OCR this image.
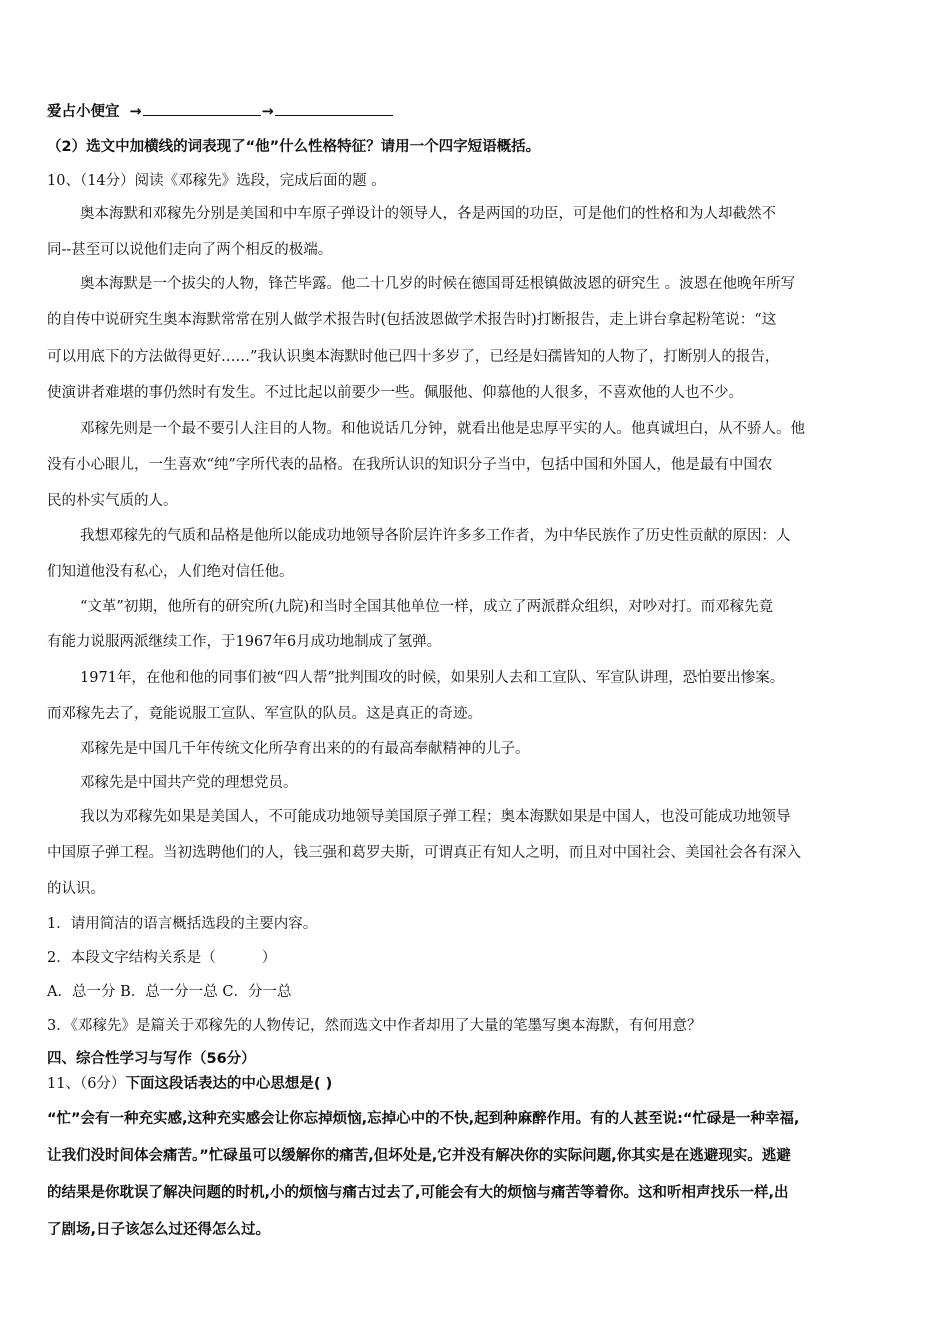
爱占小便宜 →	→
（2）选文中加横线的词表现了“他”什么性格特征？请用一个四字短语概括。
10、（14分）阅读《邓稼先》选段，完成后面的题 。
奥本海默和邓稼先分别是美国和中车原子弹设计的领导人，各是两国的功臣，可是他们的性格和为人却截然不
同--甚至可以说他们走向了两个相反的极端。
奥本海默是一个拔尖的人物，锋芒毕露。他二十几岁的时候在德国哥廷根镇做波恩的研究生 。波恩在他晚年所写
的自传中说研究生奥本海默常常在别人做学术报告时(包括波恩做学术报告时)打断报告，走上讲台拿起粉笔说：“这
可以用底下的方法做得更好……”我认识奥本海默时他已四十多岁了，已经是妇孺皆知的人物了，打断别人的报告，
使演讲者难堪的事仍然时有发生。不过比起以前要少一些。佩服他、仰慕他的人很多，不喜欢他的人也不少。
邓稼先则是一个最不要引人注目的人物。和他说话几分钟，就看出他是忠厚平实的人。他真诚坦白，从不骄人。他
没有小心眼儿，一生喜欢“纯”字所代表的品格。在我所认识的知识分子当中，包括中国和外国人，他是最有中国农
民的朴实气质的人。
我想邓稼先的气质和品格是他所以能成功地领导各阶层许许多多工作者，为中华民族作了历史性贡献的原因：人
们知道他没有私心，人们绝对信任他。
“文革”初期，他所有的研究所(九院)和当时全国其他单位一样，成立了两派群众组织，对吵对打。而邓稼先竟
有能力说服两派继续工作，于1967年6月成功地制成了氢弹。
1971年，在他和他的同事们被“四人帮”批判围攻的时候，如果别人去和工宣队、军宣队讲理，恐怕要出惨案。
而邓稼先去了，竟能说服工宣队、军宣队的队员。这是真正的奇迹。
邓稼先是中国几千年传统文化所孕育出来的的有最高奉献精神的儿子。
邓稼先是中国共产党的理想党员。
我以为邓稼先如果是美国人，不可能成功地领导美国原子弹工程；奥本海默如果是中国人，也没可能成功地领导
中国原子弹工程。当初选聘他们的人，钱三强和葛罗夫斯，可谓真正有知人之明，而且对中国社会、美国社会各有深入
的认识。
1．请用简洁的语言概括选段的主要内容。
2．本段文字结构关系是（	）
A．总一分 B．总一分一总 C．分一总
3．《邓稼先》是篇关于邓稼先的人物传记，然而选文中作者却用了大量的笔墨写奥本海默，有何用意？
四、综合性学习与写作（56分）
11、（6分）下面这段话表达的中心思想是( )
“忙”会有一种充实感,这种充实感会让你忘掉烦恼,忘掉心中的不快,起到种麻醉作用。有的人甚至说:“忙碌是一种幸福,
让我们没时间体会痛苦。”忙碌虽可以缓解你的痛苦,但坏处是,它并没有解决你的实际问题,你其实是在逃避现实。逃避
的结果是你耽误了解决问题的时机,小的烦恼与痛古过去了,可能会有大的烦恼与痛苦等着你。这和听相声找乐一样,出
了剧场,日子该怎么过还得怎么过。
